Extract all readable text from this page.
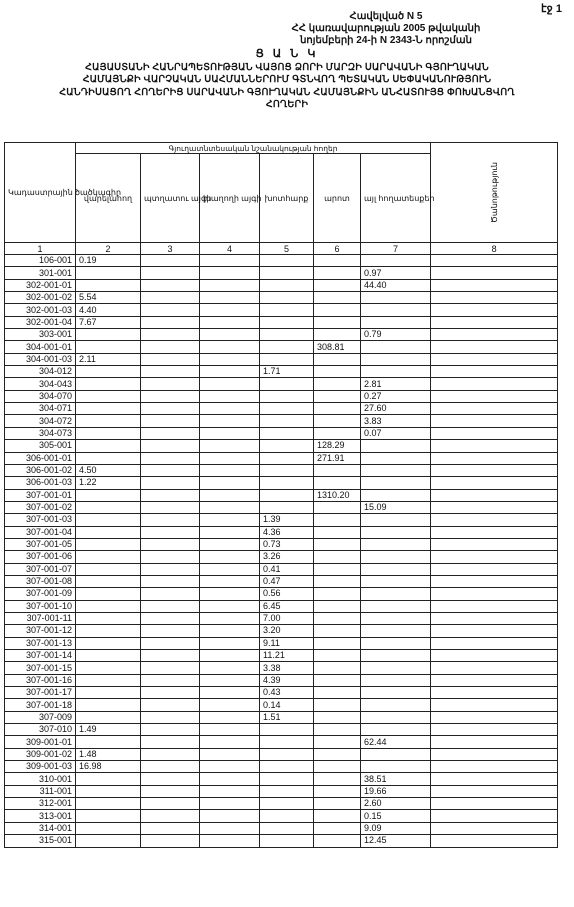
էջ 1
Հավելված N 5
ՀՀ կառավարության 2005 թվականի
նոյեմբերի 24-ի N 2343-Ն որոշման
Ց Ա Ն Կ
ՀԱՅԱՍՏԱՆԻ ՀԱՆՐԱՊԵՏՈՒԹՅԱՆ ՎԱՅՈՑ ՁՈՐԻ ՄԱՐԶԻ ՍԱՐԱՎԱՆԻ ԳՅՈՒՂԱԿԱՆ
ՀԱՄԱՅՆՔԻ ՎԱՐՉԱԿԱՆ ՍԱՀՄԱՆՆԵՐՈՒՄ ԳՏՆՎՈՂ ՊԵՏԱԿԱՆ ՍԵՓԱԿԱՆՈՒԹՅՈՒՆ
ՀԱՆԴԻՍԱՑՈՂ ՀՈՂԵՐԻՑ ՍԱՐԱՎԱՆԻ ԳՅՈՒՂԱԿԱՆ ՀԱՄԱՅՆՔԻՆ ԱՆՀԱՏՈՒՅՑ ՓՈԽԱՆՑՎՈՂ
ՀՈՂԵՐԻ
Կադաստրային ծածկագիր	Գյուղատնտեսական նշանակության հողեր						Ծանոթություն
	վարելահող	պտղատու այգի	խաղողի այգի	խոտհարք	արոտ	այլ հողատեսքեր	
1	2	3	4	5	6	7	8
106-001	0.19						
301-001						0.97	
302-001-01						44.40	
302-001-02	5.54						
302-001-03	4.40						
302-001-04	7.67						
303-001						0.79	
304-001-01					308.81		
304-001-03	2.11						
304-012				1.71			
304-043						2.81	
304-070						0.27	
304-071						27.60	
304-072						3.83	
304-073						0.07	
305-001					128.29		
306-001-01					271.91		
306-001-02	4.50						
306-001-03	1.22						
307-001-01					1310.20		
307-001-02						15.09	
307-001-03				1.39			
307-001-04				4.36			
307-001-05				0.73			
307-001-06				3.26			
307-001-07				0.41			
307-001-08				0.47			
307-001-09				0.56			
307-001-10				6.45			
307-001-11				7.00			
307-001-12				3.20			
307-001-13				9.11			
307-001-14				11.21			
307-001-15				3.38			
307-001-16				4.39			
307-001-17				0.43			
307-001-18				0.14			
307-009				1.51			
307-010	1.49						
309-001-01						62.44	
309-001-02	1.48						
309-001-03	16.98						
310-001						38.51	
311-001						19.66	
312-001						2.60	
313-001						0.15	
314-001						9.09	
315-001						12.45	
